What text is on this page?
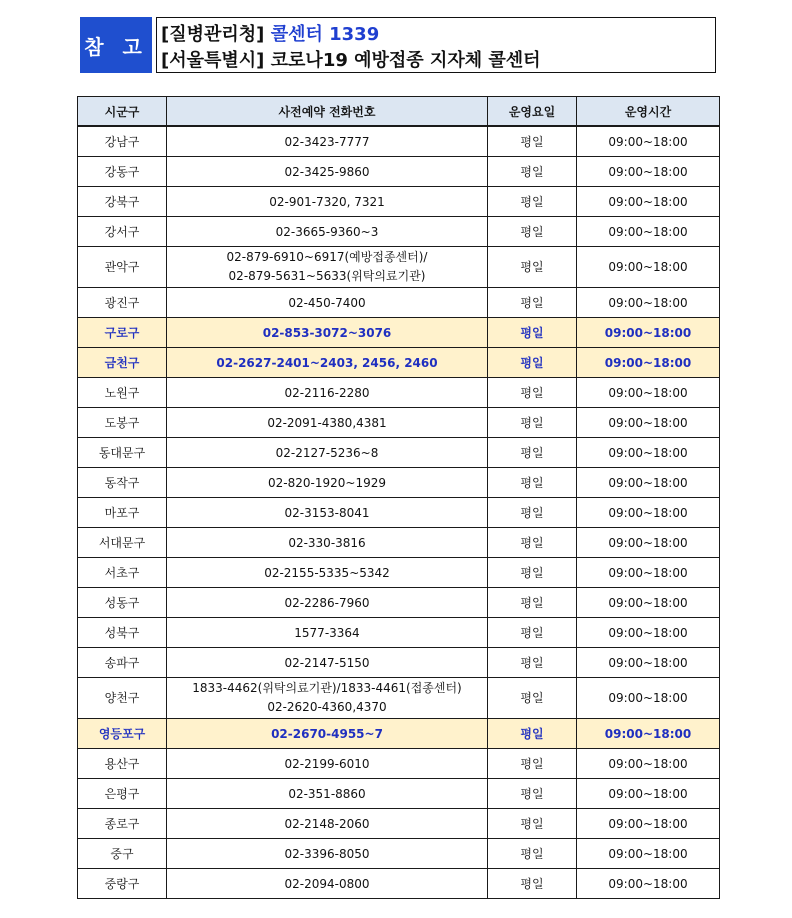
참 고 [질병관리청] 콜센터 1339
[서울특별시] 코로나19 예방접종 지자체 콜센터
시군구	사전예약 전화번호	운영요일	운영시간
강남구	02-3423-7777	평일	09:00~18:00
강동구	02-3425-9860	평일	09:00~18:00
강북구	02-901-7320, 7321	평일	09:00~18:00
강서구	02-3665-9360~3	평일	09:00~18:00
관악구	02-879-6910~6917(예방접종센터)/
02-879-5631~5633(위탁의료기관)	평일	09:00~18:00
광진구	02-450-7400	평일	09:00~18:00
구로구	02-853-3072~3076	평일	09:00~18:00
금천구	02-2627-2401~2403, 2456, 2460	평일	09:00~18:00
노원구	02-2116-2280	평일	09:00~18:00
도봉구	02-2091-4380,4381	평일	09:00~18:00
동대문구	02-2127-5236~8	평일	09:00~18:00
동작구	02-820-1920~1929	평일	09:00~18:00
마포구	02-3153-8041	평일	09:00~18:00
서대문구	02-330-3816	평일	09:00~18:00
서초구	02-2155-5335~5342	평일	09:00~18:00
성동구	02-2286-7960	평일	09:00~18:00
성북구	1577-3364	평일	09:00~18:00
송파구	02-2147-5150	평일	09:00~18:00
양천구	1833-4462(위탁의료기관)/1833-4461(접종센터)
02-2620-4360,4370	평일	09:00~18:00
영등포구	02-2670-4955~7	평일	09:00~18:00
용산구	02-2199-6010	평일	09:00~18:00
은평구	02-351-8860	평일	09:00~18:00
종로구	02-2148-2060	평일	09:00~18:00
중구	02-3396-8050	평일	09:00~18:00
중랑구	02-2094-0800	평일	09:00~18:00
